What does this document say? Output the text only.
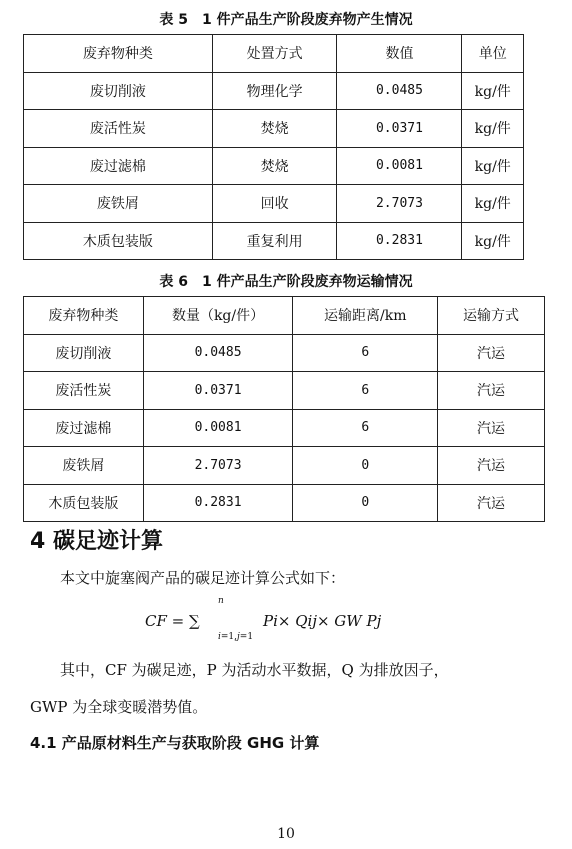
表 5　1 件产品生产阶段废弃物产生情况
废弃物种类	处置方式	数值	单位
废切削液	物理化学	0.0485	kg/件
废活性炭	焚烧	0.0371	kg/件
废过滤棉	焚烧	0.0081	kg/件
废铁屑	回收	2.7073	kg/件
木质包装版	重复利用	0.2831	kg/件
表 6　1 件产品生产阶段废弃物运输情况
废弃物种类	数量（kg/件）	运输距离/km	运输方式
废切削液	0.0485	6	汽运
废活性炭	0.0371	6	汽运
废过滤棉	0.0081	6	汽运
废铁屑	2.7073	0	汽运
木质包装版	0.2831	0	汽运
4 碳足迹计算
本文中旋塞阀产品的碳足迹计算公式如下：
𝐶𝐹 = ∑
𝑛
𝑖=1,𝑗=1
𝑃𝑖× 𝑄𝑖𝑗× 𝐺𝑊 𝑃𝑗
其中，CF 为碳足迹，P 为活动水平数据，Q 为排放因子，
GWP 为全球变暖潜势值。
4.1 产品原材料生产与获取阶段 GHG 计算
10
